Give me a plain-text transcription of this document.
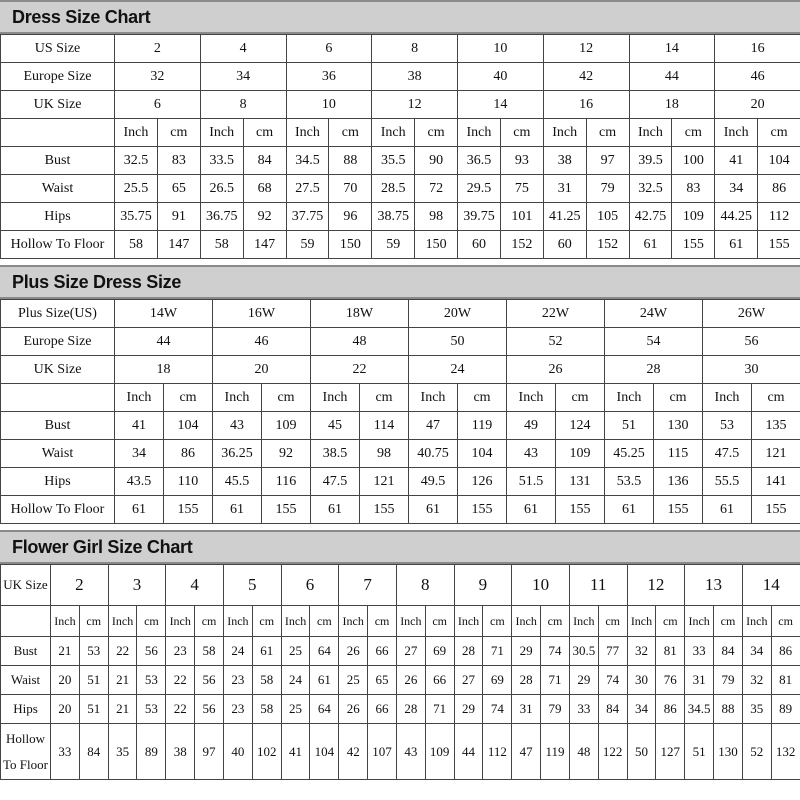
Dress Size Chart
US Size	2		4		6		8		10		12		14		16	
Europe Size	32		34		36		38		40		42		44		46	
UK Size	6		8		10		12		14		16		18		20	
	Inch	cm	Inch	cm	Inch	cm	Inch	cm	Inch	cm	Inch	cm	Inch	cm	Inch	cm
Bust	32.5	83	33.5	84	34.5	88	35.5	90	36.5	93	38	97	39.5	100	41	104
Waist	25.5	65	26.5	68	27.5	70	28.5	72	29.5	75	31	79	32.5	83	34	86
Hips	35.75	91	36.75	92	37.75	96	38.75	98	39.75	101	41.25	105	42.75	109	44.25	112
Hollow To Floor	58	147	58	147	59	150	59	150	60	152	60	152	61	155	61	155
Plus Size Dress Size
Plus Size(US)	14W		16W		18W		20W		22W		24W		26W	
Europe Size	44		46		48		50		52		54		56	
UK Size	18		20		22		24		26		28		30	
	Inch	cm	Inch	cm	Inch	cm	Inch	cm	Inch	cm	Inch	cm	Inch	cm
Bust	41	104	43	109	45	114	47	119	49	124	51	130	53	135
Waist	34	86	36.25	92	38.5	98	40.75	104	43	109	45.25	115	47.5	121
Hips	43.5	110	45.5	116	47.5	121	49.5	126	51.5	131	53.5	136	55.5	141
Hollow To Floor	61	155	61	155	61	155	61	155	61	155	61	155	61	155
Flower Girl Size Chart
UK Size	2		3		4		5		6		7		8		9		10		11		12		13		14	
	Inch	cm	Inch	cm	Inch	cm	Inch	cm	Inch	cm	Inch	cm	Inch	cm	Inch	cm	Inch	cm	Inch	cm	Inch	cm	Inch	cm	Inch	cm
Bust	21	53	22	56	23	58	24	61	25	64	26	66	27	69	28	71	29	74	30.5	77	32	81	33	84	34	86
Waist	20	51	21	53	22	56	23	58	24	61	25	65	26	66	27	69	28	71	29	74	30	76	31	79	32	81
Hips	20	51	21	53	22	56	23	58	25	64	26	66	28	71	29	74	31	79	33	84	34	86	34.5	88	35	89
Hollow To Floor	33	84	35	89	38	97	40	102	41	104	42	107	43	109	44	112	47	119	48	122	50	127	51	130	52	132
